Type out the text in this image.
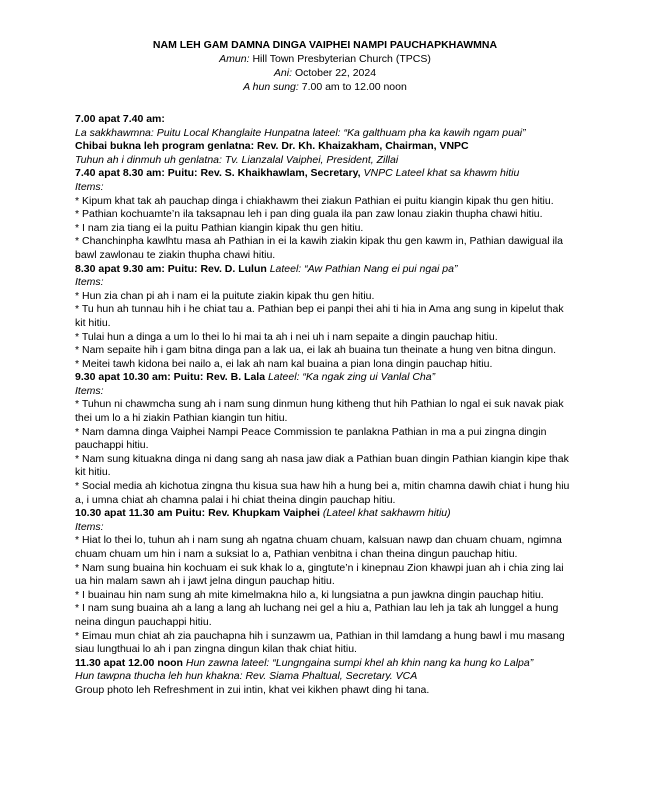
NAM LEH GAM DAMNA DINGA VAIPHEI NAMPI PAUCHAPKHAWMNA
Amun: Hill Town Presbyterian Church (TPCS)
Ani: October 22, 2024
A hun sung: 7.00 am to 12.00 noon
7.00 apat 7.40 am:
La sakkhawmna: Puitu Local Khanglaite Hunpatna lateel: “Ka galthuam pha ka kawih ngam puai”
Chibai bukna leh program genlatna: Rev. Dr. Kh. Khaizakham, Chairman, VNPC
Tuhun ah i dinmuh uh genlatna: Tv. Lianzalal Vaiphei, President, Zillai
7.40 apat 8.30 am: Puitu: Rev. S. Khaikhawlam, Secretary, VNPC Lateel khat sa khawm hitiu
Items:
* Kipum khat tak ah pauchap dinga i chiakhawm thei ziakun Pathian ei puitu kiangin kipak thu gen hitiu.
* Pathian kochuamte’n ila taksapnau leh i pan ding guala ila pan zaw lonau ziakin thupha chawi hitiu.
* I nam zia tiang ei la puitu Pathian kiangin kipak thu gen hitiu.
* Chanchinpha kawlhtu masa ah Pathian in ei la kawih ziakin kipak thu gen kawm in, Pathian dawigual ila bawl zawlonau te ziakin thupha chawi hitiu.
8.30 apat 9.30 am: Puitu: Rev. D. Lulun Lateel: “Aw Pathian Nang ei pui ngai pa”
Items:
* Hun zia chan pi ah i nam ei la puitute ziakin kipak thu gen hitiu.
* Tu hun ah tunnau hih i he chiat tau a. Pathian bep ei panpi thei ahi ti hia in Ama ang sung in kipelut thak kit hitiu.
* Tulai hun a dinga a um lo thei lo hi mai ta ah i nei uh i nam sepaite a dingin pauchap hitiu.
* Nam sepaite hih i gam bitna dinga pan a lak ua, ei lak ah buaina tun theinate a hung ven bitna dingun.
* Meitei tawh kidona bei nailo a, ei lak ah nam kal buaina a pian lona dingin pauchap hitiu.
9.30 apat 10.30 am: Puitu: Rev. B. Lala Lateel: “Ka ngak zing ui Vanlal Cha”
Items:
* Tuhun ni chawmcha sung ah i nam sung dinmun hung kitheng thut hih Pathian lo ngal ei suk navak piak thei um lo a hi ziakin Pathian kiangin tun hitiu.
* Nam damna dinga Vaiphei Nampi Peace Commission te panlakna Pathian in ma a pui zingna dingin pauchappi hitiu.
* Nam sung kituakna dinga ni dang sang ah nasa jaw diak a Pathian buan dingin Pathian kiangin kipe thak kit hitiu.
* Social media ah kichotua zingna thu kisua sua haw hih a hung bei a, mitin chamna dawih chiat i hung hiu a, i umna chiat ah chamna palai i hi chiat theina dingin pauchap hitiu.
10.30 apat 11.30 am Puitu: Rev. Khupkam Vaiphei (Lateel khat sakhawm hitiu)
Items:
* Hiat lo thei lo, tuhun ah i nam sung ah ngatna chuam chuam, kalsuan nawp dan chuam chuam, ngimna chuam chuam um hin i nam a suksiat lo a, Pathian venbitna i chan theina dingun pauchap hitiu.
* Nam sung buaina hin kochuam ei suk khak lo a, gingtute’n i kinepnau Zion khawpi juan ah i chia zing lai ua hin malam sawn ah i jawt jelna dingun pauchap hitiu.
* I buainau hin nam sung ah mite kimelmakna hilo a, ki lungsiatna a pun jawkna dingin pauchap hitiu.
* I nam sung buaina ah a lang a lang ah luchang nei gel a hiu a, Pathian lau leh ja tak ah lunggel a hung neina dingun pauchappi hitiu.
* Eimau mun chiat ah zia pauchapna hih i sunzawm ua, Pathian in thil lamdang a hung bawl i mu masang siau lungthuai lo ah i pan zingna dingun kilan thak chiat hitiu.
11.30 apat 12.00 noon Hun zawna lateel: “Lungngaina sumpi khel ah khin nang ka hung ko Lalpa”
Hun tawpna thucha leh hun khakna: Rev. Siama Phaltual, Secretary. VCA
Group photo leh Refreshment in zui intin, khat vei kikhen phawt ding hi tana.
